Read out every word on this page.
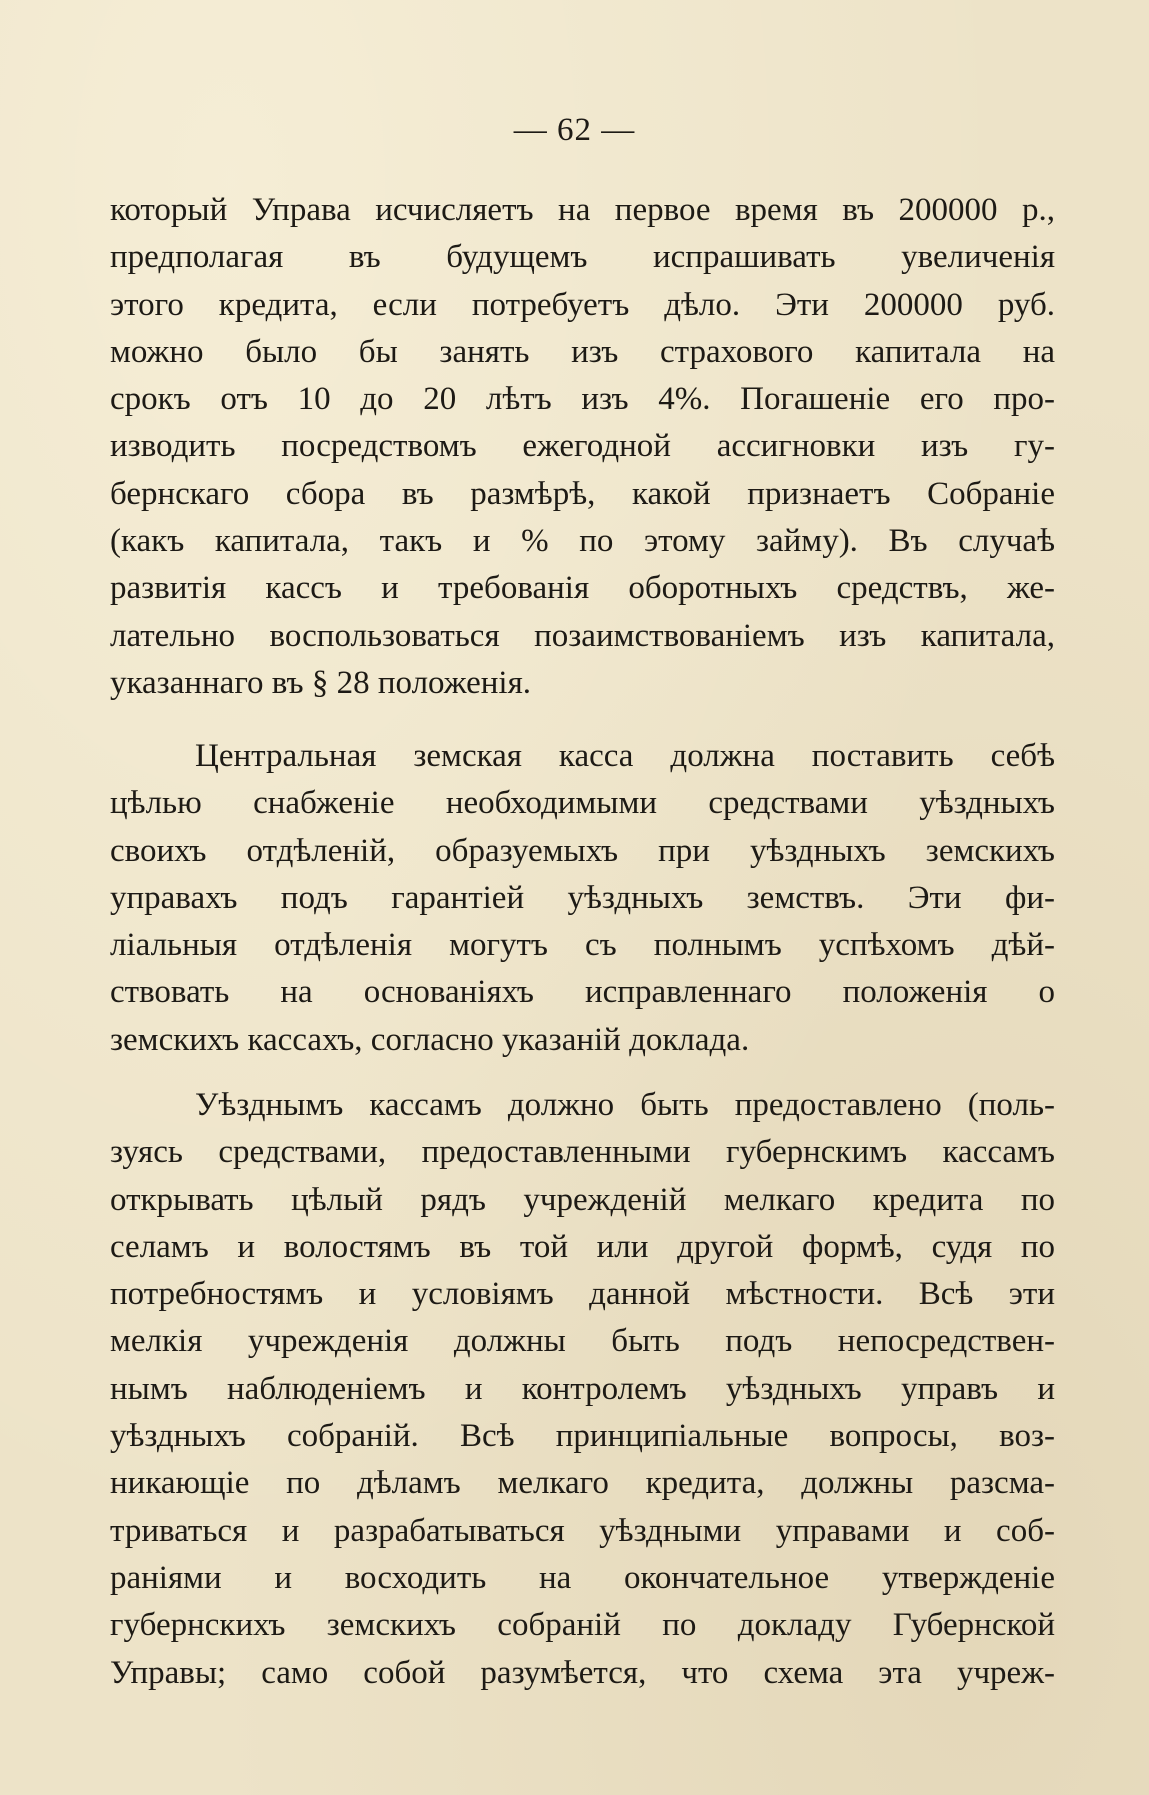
— 62 —
который Управа исчисляетъ на первое время въ 200000 р.,
предполагая въ будущемъ испрашивать увеличенія
этого кредита, если потребуетъ дѣло. Эти 200000 руб.
можно было бы занять изъ страхового капитала на
срокъ отъ 10 до 20 лѣтъ изъ 4%. Погашеніе его про-
изводить посредствомъ ежегодной ассигновки изъ гу-
бернскаго сбора въ размѣрѣ, какой признаетъ Собраніе
(какъ капитала, такъ и % по этому займу). Въ случаѣ
развитія кассъ и требованія оборотныхъ средствъ, же-
лательно воспользоваться позаимствованіемъ изъ капитала,
указаннаго въ § 28 положенія.
Центральная земская касса должна поставить себѣ
цѣлью снабженіе необходимыми средствами уѣздныхъ
своихъ отдѣленій, образуемыхъ при уѣздныхъ земскихъ
управахъ подъ гарантіей уѣздныхъ земствъ. Эти фи-
ліальныя отдѣленія могутъ съ полнымъ успѣхомъ дѣй-
ствовать на основаніяхъ исправленнаго положенія о
земскихъ кассахъ, согласно указаній доклада.
Уѣзднымъ кассамъ должно быть предоставлено (поль-
зуясь средствами, предоставленными губернскимъ кассамъ
открывать цѣлый рядъ учрежденій мелкаго кредита по
селамъ и волостямъ въ той или другой формѣ, судя по
потребностямъ и условіямъ данной мѣстности. Всѣ эти
мелкія учрежденія должны быть подъ непосредствен-
нымъ наблюденіемъ и контролемъ уѣздныхъ управъ и
уѣздныхъ собраній. Всѣ принципіальные вопросы, воз-
никающіе по дѣламъ мелкаго кредита, должны разсма-
триваться и разрабатываться уѣздными управами и соб-
раніями и восходить на окончательное утвержденіе
губернскихъ земскихъ собраній по докладу Губернской
Управы; само собой разумѣется, что схема эта учреж-
